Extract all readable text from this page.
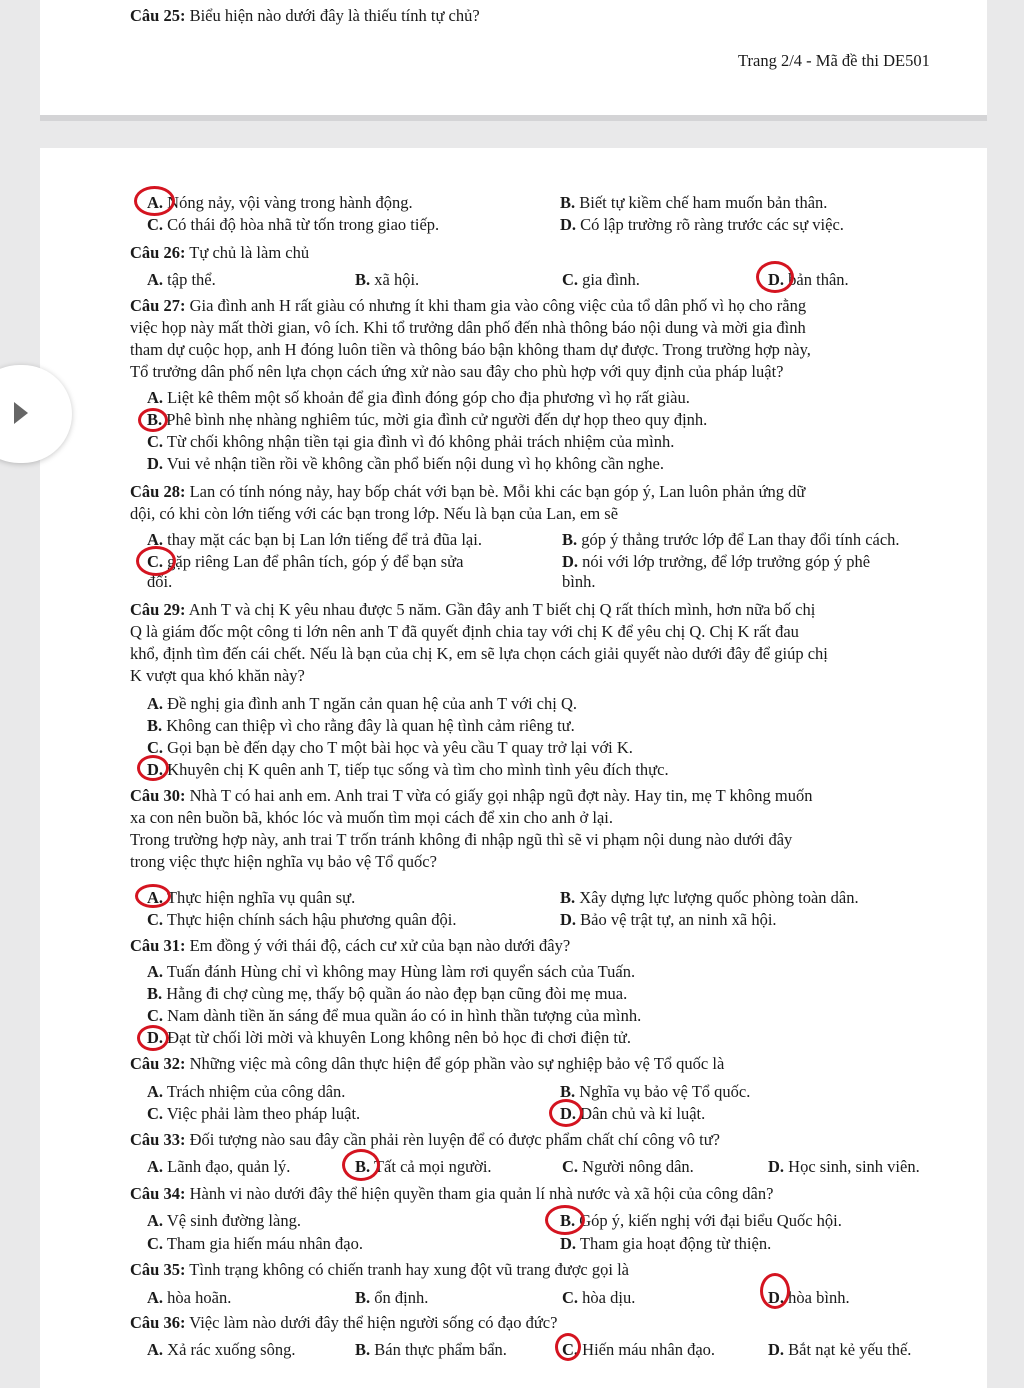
Câu 25: Biểu hiện nào dưới đây là thiếu tính tự chủ?
Trang 2/4 - Mã đề thi DE501
A. Nóng nảy, vội vàng trong hành động.	B. Biết tự kiềm chế ham muốn bản thân.
C. Có thái độ hòa nhã từ tốn trong giao tiếp.	D. Có lập trường rõ ràng trước các sự việc.
Câu 26: Tự chủ là làm chủ
A. tập thể.	B. xã hội.	C. gia đình.	D. bản thân.
Câu 27: Gia đình anh H rất giàu có nhưng ít khi tham gia vào công việc của tổ dân phố vì họ cho rằng
việc họp này mất thời gian, vô ích. Khi tổ trưởng dân phố đến nhà thông báo nội dung và mời gia đình
tham dự cuộc họp, anh H đóng luôn tiền và thông báo bận không tham dự được. Trong trường hợp này,
Tổ trưởng dân phố nên lựa chọn cách ứng xử nào sau đây cho phù hợp với quy định của pháp luật?
A. Liệt kê thêm một số khoản để gia đình đóng góp cho địa phương vì họ rất giàu.
B. Phê bình nhẹ nhàng nghiêm túc, mời gia đình cử người đến dự họp theo quy định.
C. Từ chối không nhận tiền tại gia đình vì đó không phải trách nhiệm của mình.
D. Vui vẻ nhận tiền rồi về không cần phổ biến nội dung vì họ không cần nghe.
Câu 28: Lan có tính nóng nảy, hay bốp chát với bạn bè. Mỗi khi các bạn góp ý, Lan luôn phản ứng dữ
dội, có khi còn lớn tiếng với các bạn trong lớp. Nếu là bạn của Lan, em sẽ
A. thay mặt các bạn bị Lan lớn tiếng để trả đũa lại.	B. góp ý thẳng trước lớp để Lan thay đổi tính cách.
C. gặp riêng Lan để phân tích, góp ý để bạn sửa	D. nói với lớp trưởng, để lớp trưởng góp ý phê
đổi.	bình.
Câu 29: Anh T và chị K yêu nhau được 5 năm. Gần đây anh T biết chị Q rất thích mình, hơn nữa bố chị
Q là giám đốc một công ti lớn nên anh T đã quyết định chia tay với chị K để yêu chị Q. Chị K rất đau
khổ, định tìm đến cái chết. Nếu là bạn của chị K, em sẽ lựa chọn cách giải quyết nào dưới đây để giúp chị
K vượt qua khó khăn này?
A. Đề nghị gia đình anh T ngăn cản quan hệ của anh T với chị Q.
B. Không can thiệp vì cho rằng đây là quan hệ tình cảm riêng tư.
C. Gọi bạn bè đến dạy cho T một bài học và yêu cầu T quay trở lại với K.
D. Khuyên chị K quên anh T, tiếp tục sống và tìm cho mình tình yêu đích thực.
Câu 30: Nhà T có hai anh em. Anh trai T vừa có giấy gọi nhập ngũ đợt này. Hay tin, mẹ T không muốn
xa con nên buồn bã, khóc lóc và muốn tìm mọi cách để xin cho anh ở lại.
Trong trường hợp này, anh trai T trốn tránh không đi nhập ngũ thì sẽ vi phạm nội dung nào dưới đây
trong việc thực hiện nghĩa vụ bảo vệ Tổ quốc?
A. Thực hiện nghĩa vụ quân sự.	B. Xây dựng lực lượng quốc phòng toàn dân.
C. Thực hiện chính sách hậu phương quân đội.	D. Bảo vệ trật tự, an ninh xã hội.
Câu 31: Em đồng ý với thái độ, cách cư xử của bạn nào dưới đây?
A. Tuấn đánh Hùng chỉ vì không may Hùng làm rơi quyển sách của Tuấn.
B. Hằng đi chợ cùng mẹ, thấy bộ quần áo nào đẹp bạn cũng đòi mẹ mua.
C. Nam dành tiền ăn sáng để mua quần áo có in hình thần tượng của mình.
D. Đạt từ chối lời mời và khuyên Long không nên bỏ học đi chơi điện tử.
Câu 32: Những việc mà công dân thực hiện để góp phần vào sự nghiệp bảo vệ Tổ quốc là
A. Trách nhiệm của công dân.	B. Nghĩa vụ bảo vệ Tổ quốc.
C. Việc phải làm theo pháp luật.	D. Dân chủ và kỉ luật.
Câu 33: Đối tượng nào sau đây cần phải rèn luyện để có được phẩm chất chí công vô tư?
A. Lãnh đạo, quản lý.	B. Tất cả mọi người.	C. Người nông dân.	D. Học sinh, sinh viên.
Câu 34: Hành vi nào dưới đây thể hiện quyền tham gia quản lí nhà nước và xã hội của công dân?
A. Vệ sinh đường làng.	B. Góp ý, kiến nghị với đại biểu Quốc hội.
C. Tham gia hiến máu nhân đạo.	D. Tham gia hoạt động từ thiện.
Câu 35: Tình trạng không có chiến tranh hay xung đột vũ trang được gọi là
A. hòa hoãn.	B. ổn định.	C. hòa dịu.	D. hòa bình.
Câu 36: Việc làm nào dưới đây thể hiện người sống có đạo đức?
A. Xả rác xuống sông.	B. Bán thực phẩm bẩn.	C. Hiến máu nhân đạo.	D. Bắt nạt kẻ yếu thế.
